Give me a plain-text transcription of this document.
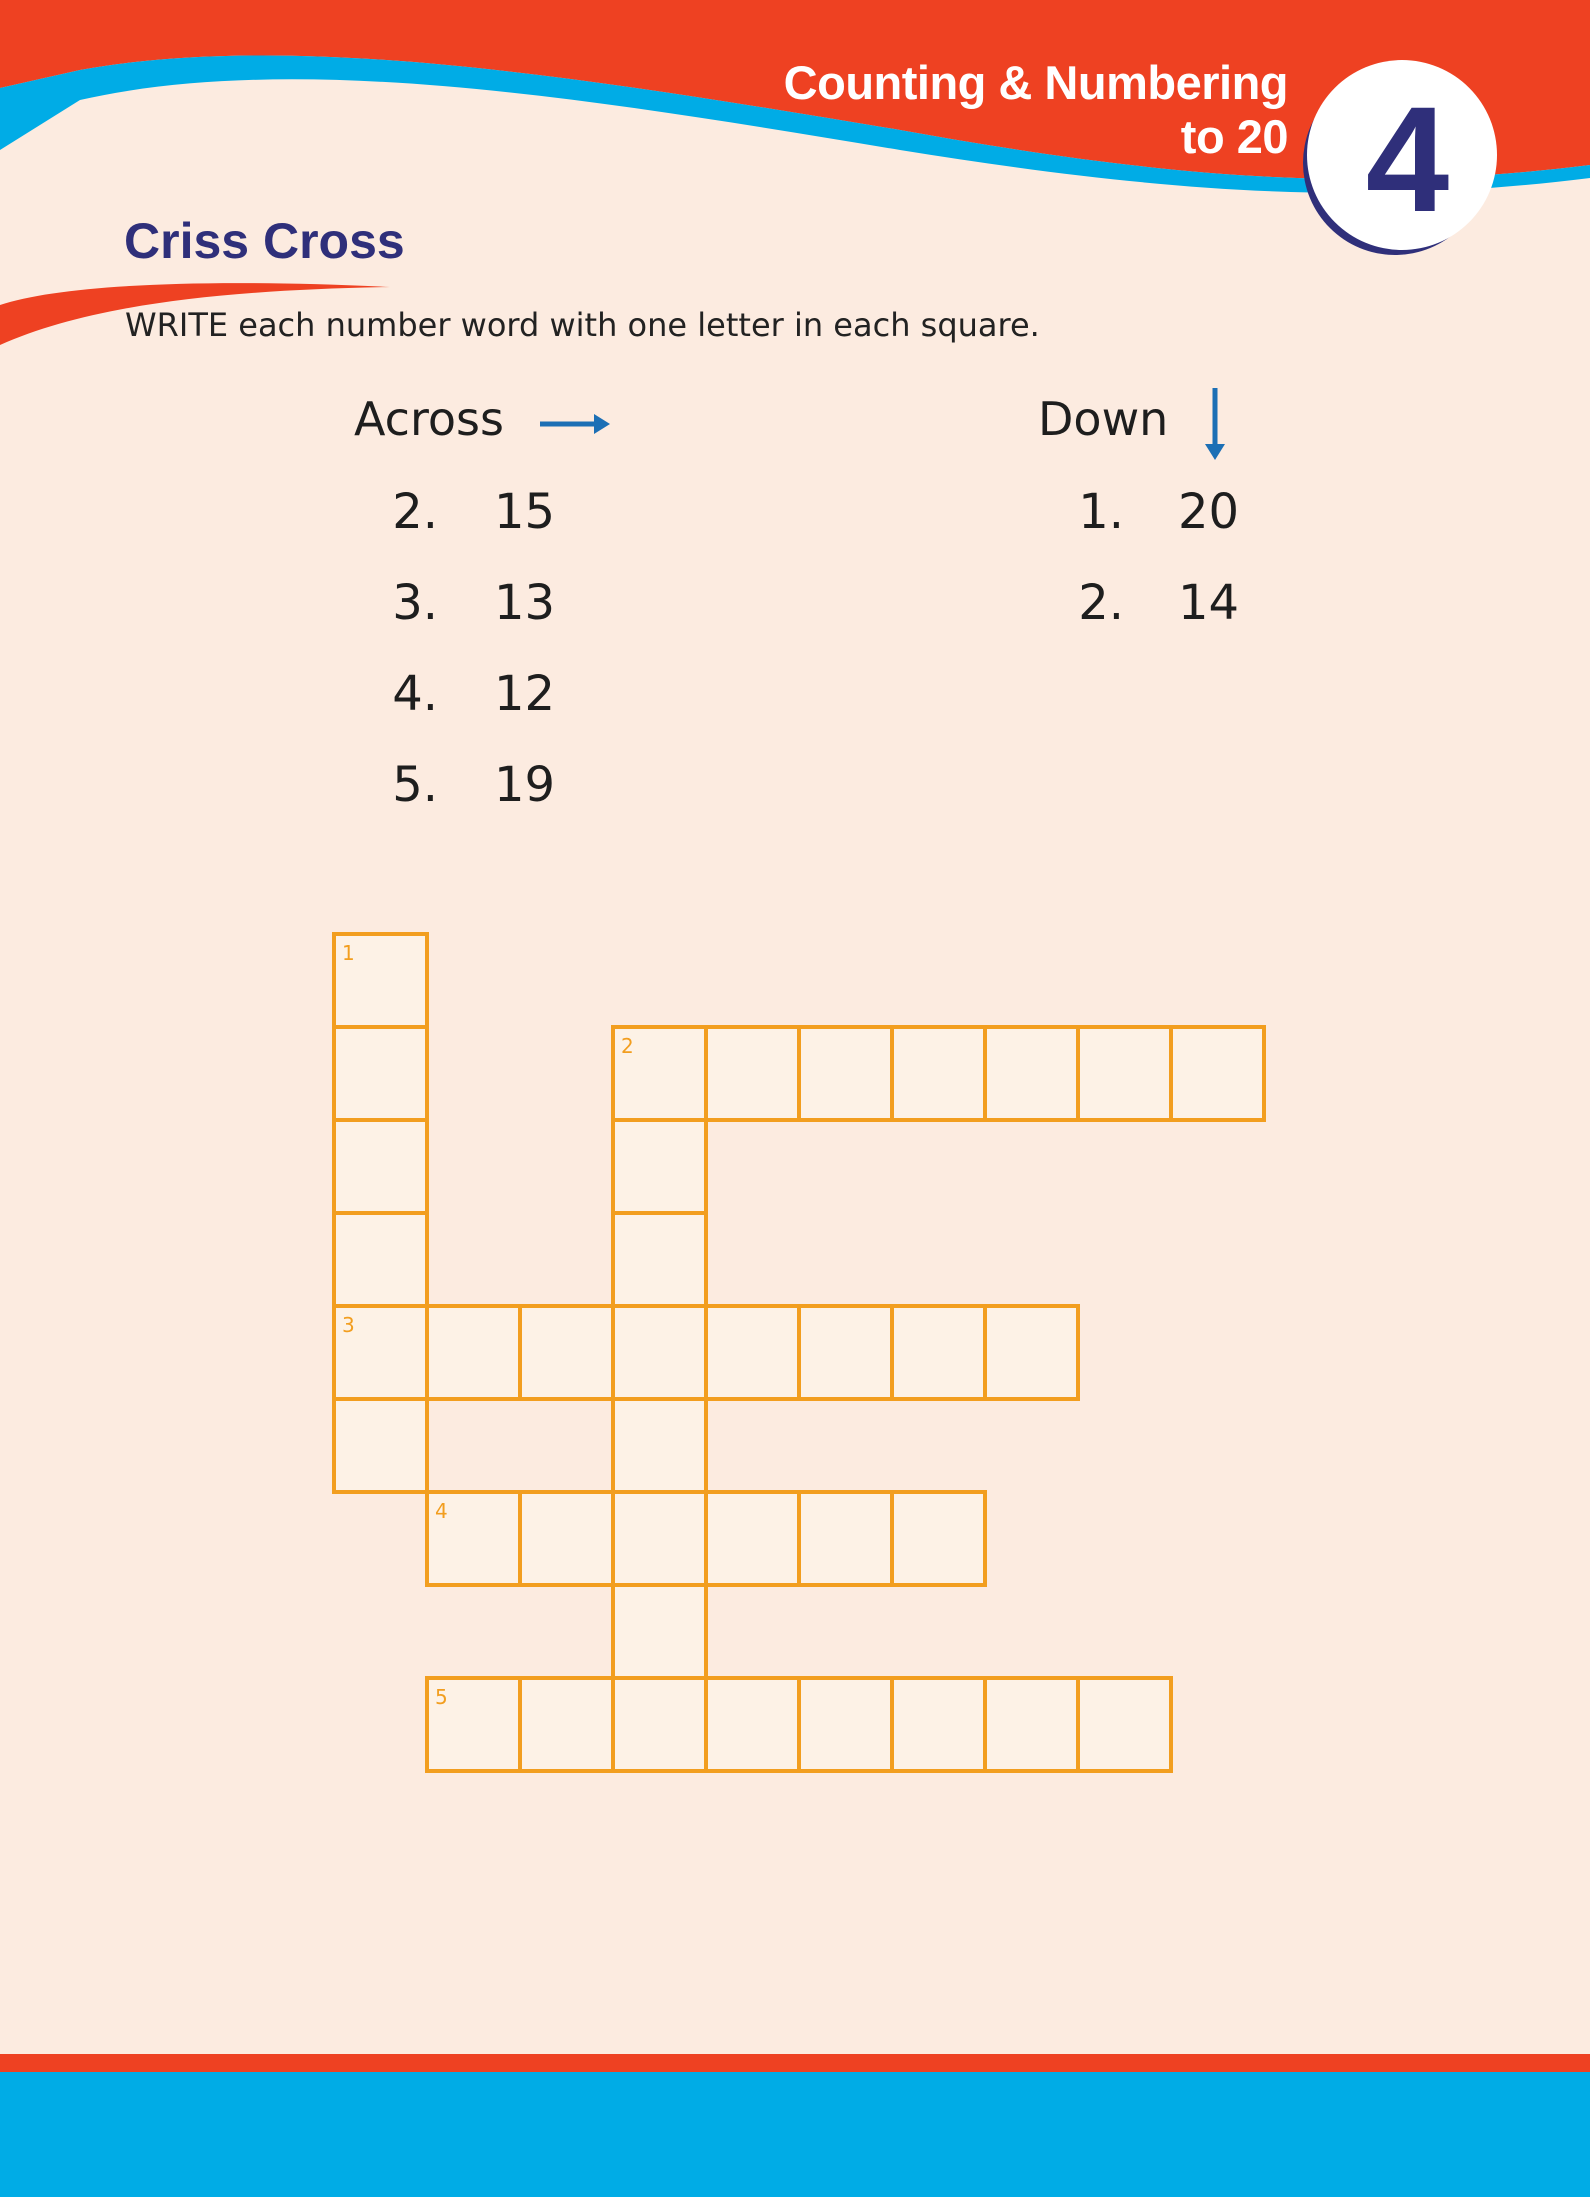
Counting & Numbering
to 20 4
Criss Cross
WRITE each number word with one letter in each square.
Across
2. 15
3. 13
4. 12
5. 19
Down
1. 20
2. 14
1
2
3
4
5
